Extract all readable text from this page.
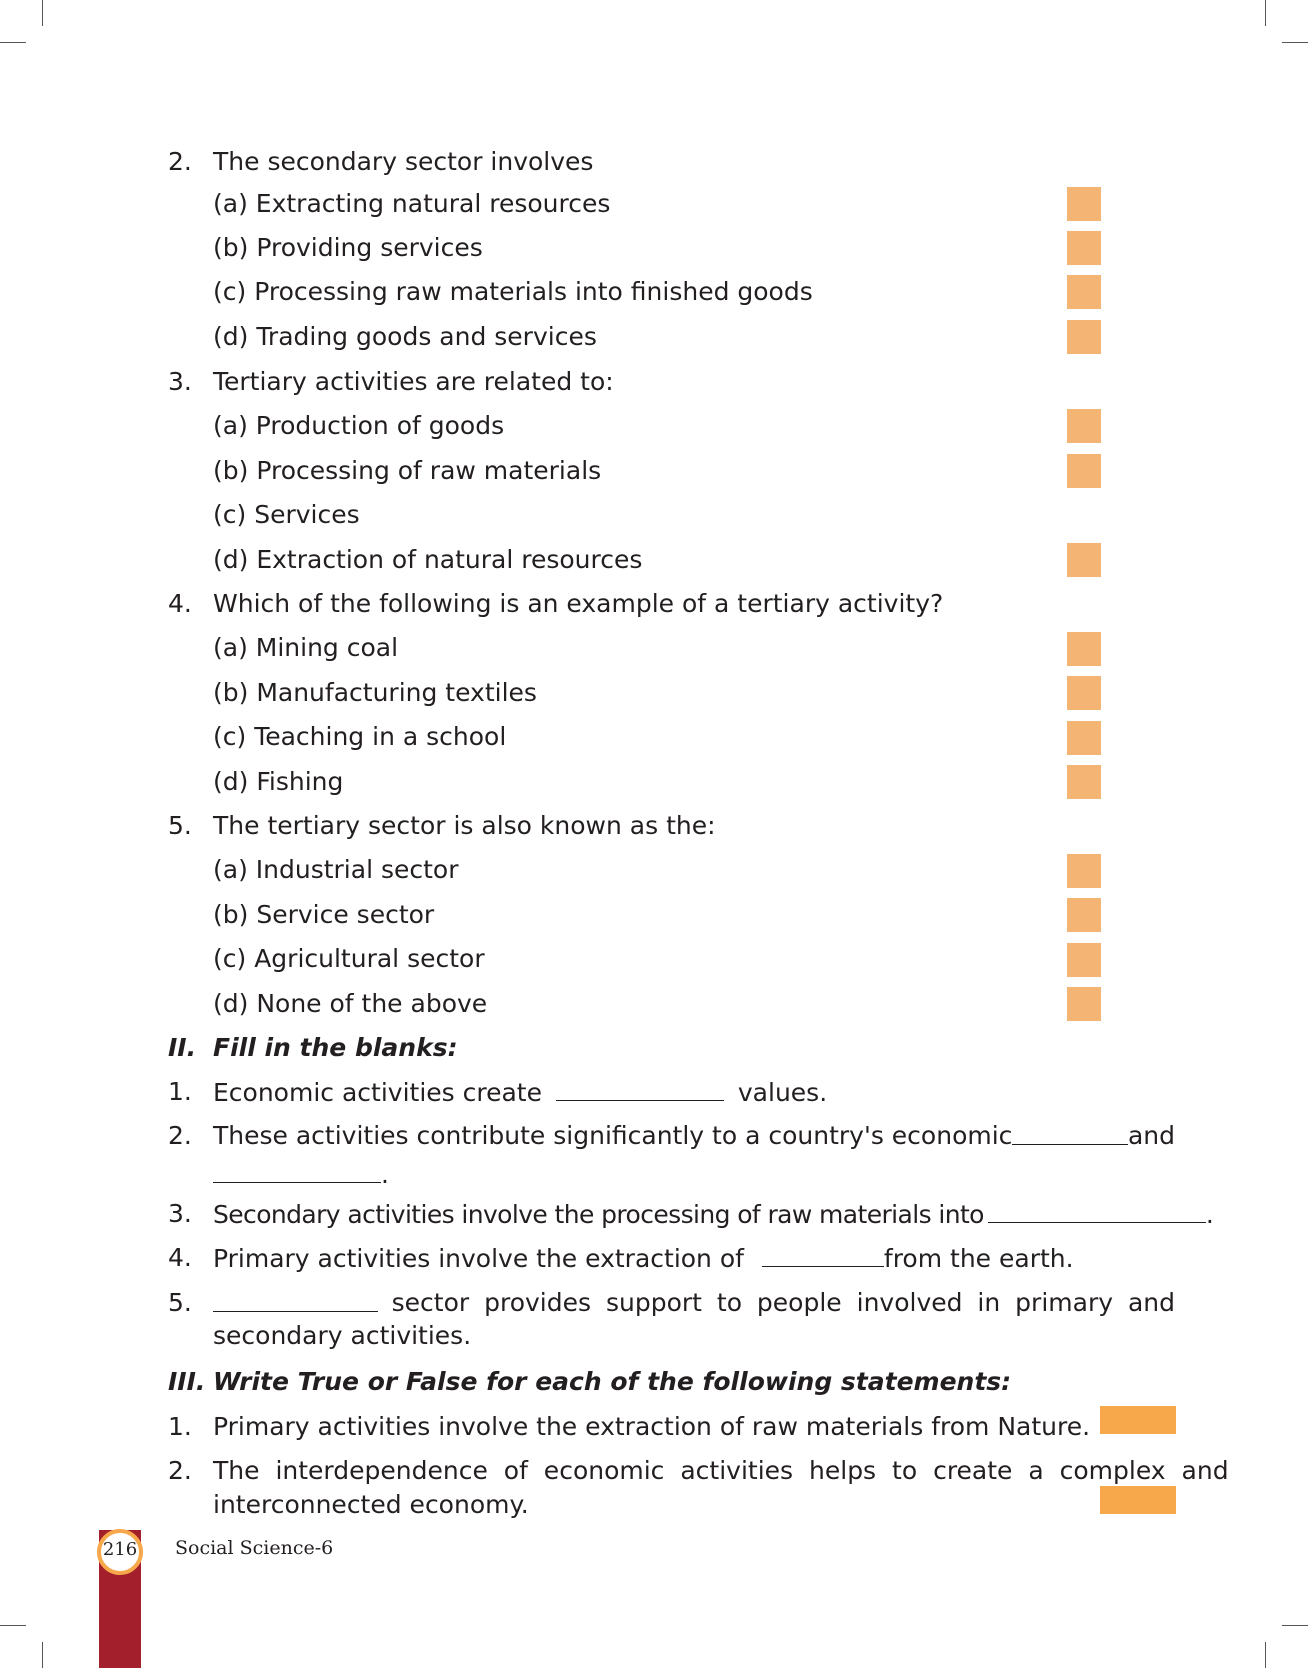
2. The secondary sector involves
(a) Extracting natural resources
(b) Providing services
(c) Processing raw materials into finished goods
(d) Trading goods and services
3. Tertiary activities are related to:
(a) Production of goods
(b) Processing of raw materials
(c) Services
(d) Extraction of natural resources
4. Which of the following is an example of a tertiary activity?
(a) Mining coal
(b) Manufacturing textiles
(c) Teaching in a school
(d) Fishing
5. The tertiary sector is also known as the:
(a) Industrial sector
(b) Service sector
(c) Agricultural sector
(d) None of the above
II. Fill in the blanks:
1. Economic activities create	values.
2. These activities contribute significantly to a country's economic	and
.
3. Secondary activities involve the processing of raw materials into	.
4. Primary activities involve the extraction of	from the earth.
5.	sector provides support to people involved in primary and
secondary activities.
III. Write True or False for each of the following statements:
1. Primary activities involve the extraction of raw materials from Nature.
2. The interdependence of economic activities helps to create a complex and
interconnected economy.
216	Social Science-6
